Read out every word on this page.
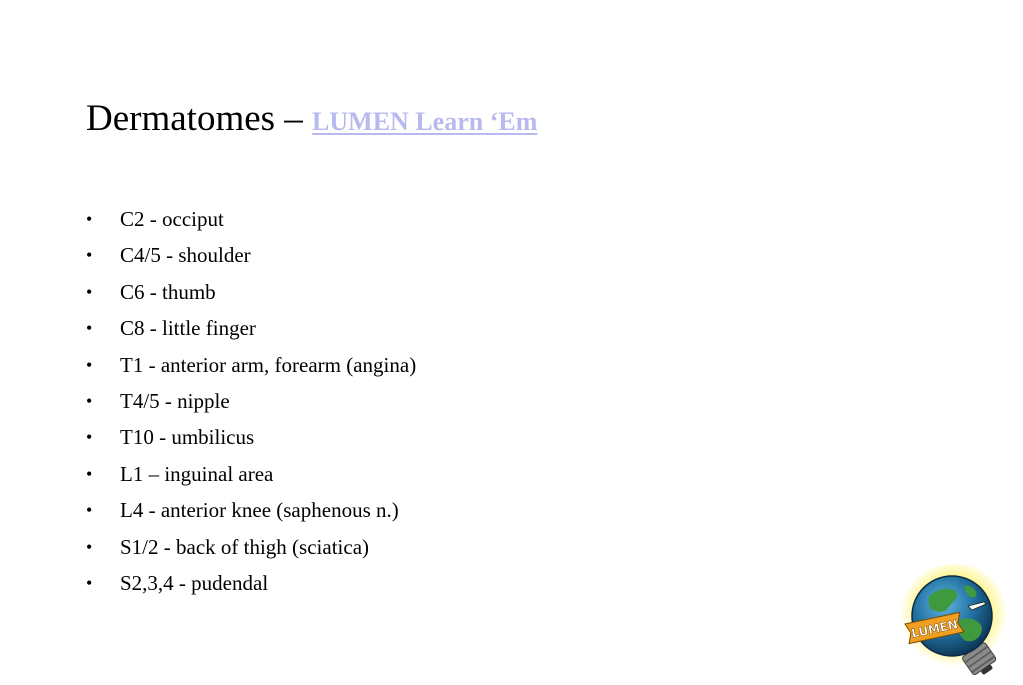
Dermatomes – LUMEN Learn ‘Em
• C2 - occiput
• C4/5 - shoulder
• C6 - thumb
• C8 - little finger
• T1 - anterior arm, forearm (angina)
• T4/5 - nipple
• T10 - umbilicus
• L1 – inguinal area
• L4 - anterior knee (saphenous n.)
• S1/2 - back of thigh (sciatica)
• S2,3,4 - pudendal
LUMEN
